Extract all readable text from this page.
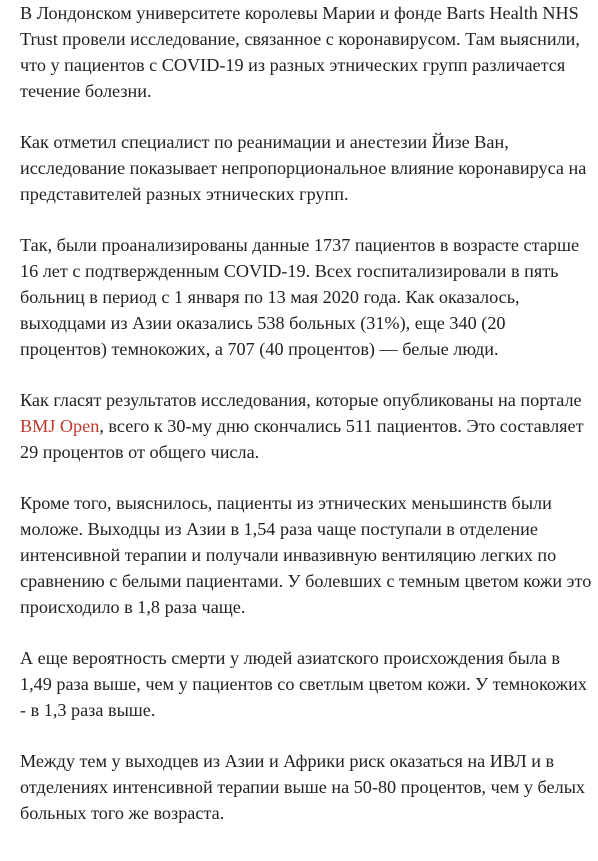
В Лондонском университете королевы Марии и фонде Barts Health NHS Trust провели исследование, связанное с коронавирусом. Там выяснили, что у пациентов с COVID-19 из разных этнических групп различается течение болезни.

Как отметил специалист по реанимации и анестезии Йизе Ван, исследование показывает непропорциональное влияние коронавируса на представителей разных этнических групп.

Так, были проанализированы данные 1737 пациентов в возрасте старше 16 лет с подтвержденным COVID-19. Всех госпитализировали в пять больниц в период с 1 января по 13 мая 2020 года. Как оказалось, выходцами из Азии оказались 538 больных (31%), еще 340 (20 процентов) темнокожих, а 707 (40 процентов) — белые люди.

Как гласят результатов исследования, которые опубликованы на портале BMJ Open, всего к 30-му дню скончались 511 пациентов. Это составляет 29 процентов от общего числа.

Кроме того, выяснилось, пациенты из этнических меньшинств были моложе. Выходцы из Азии в 1,54 раза чаще поступали в отделение интенсивной терапии и получали инвазивную вентиляцию легких по сравнению с белыми пациентами. У болевших с темным цветом кожи это происходило в 1,8 раза чаще.

А еще вероятность смерти у людей азиатского происхождения была в 1,49 раза выше, чем у пациентов со светлым цветом кожи. У темнокожих - в 1,3 раза выше.

Между тем у выходцев из Азии и Африки риск оказаться на ИВЛ и в отделениях интенсивной терапии выше на 50-80 процентов, чем у белых больных того же возраста.
